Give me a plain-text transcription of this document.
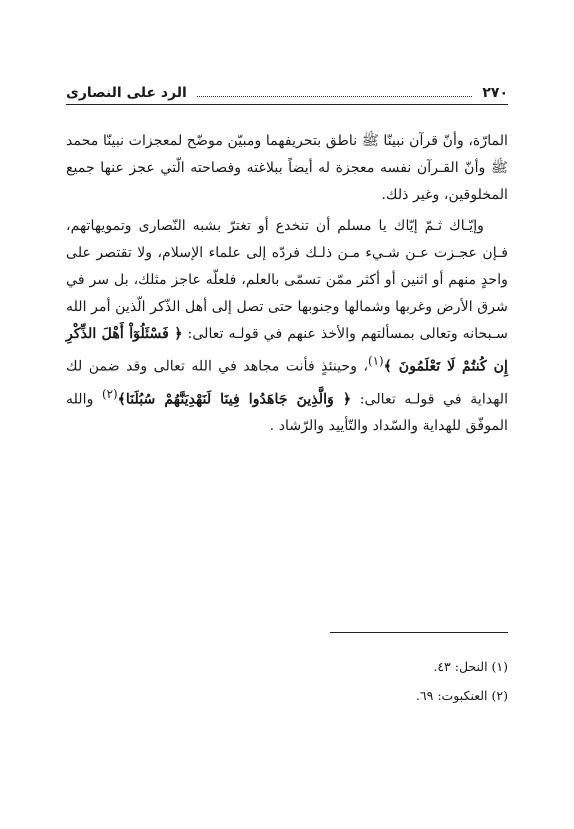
٢٧٠
الرد على النصارى

المارّة، وأنّ قرآن نبينّا ﷺ ناطق بتحريفهما ومبيّن موضّح لمعجزات نبينّا محمد ﷺ وأنّ القـرآن نفسه معجزة له أيضاً ببلاغته وفصاحته الّتي عجز عنها جميع المخلوقين، وغير ذلك.

وإيّـاك ثـمّ إيّاك يا مسلم أن تنخدع أو تغترّ بشبه النّصارى وتمويهاتهم، فـإن عجـزت عـن شـيء مـن ذلـك فردّه إلى علماء الإسلام، ولا تقتصر على واحدٍ منهم أو اثنين أو أكثر ممّن تسمّى بالعلم، فلعلّه عاجز مثلك، بل سر في شرق الأرض وغربها وشمالها وجنوبها حتى تصل إلى أهل الذّكر الّذين أمر الله سـبحانه وتعالى بمسألتهم والأخذ عنهم في قولـه تعالى: ﴿ فَسْئَلُوٓاْ أَهْلَ الذِّكْرِ إِن كُنتُمْ لَا تَعْلَمُونَ ﴾$^{(١)}$، وحينئذٍ فأنت مجاهد في الله تعالى وقد ضمن لك الهداية في قولـه تعالى: ﴿ وَالَّذِينَ جَاهَدُوا فِينَا لَنَهْدِيَنَّهُمْ سُبُلَنَا﴾$^{(٢)}$ والله الموفّق للهداية والسّداد والتّأييد والرّشاد .

(١) النحل: ٤٣.
(٢) العنكبوت: ٦٩.
